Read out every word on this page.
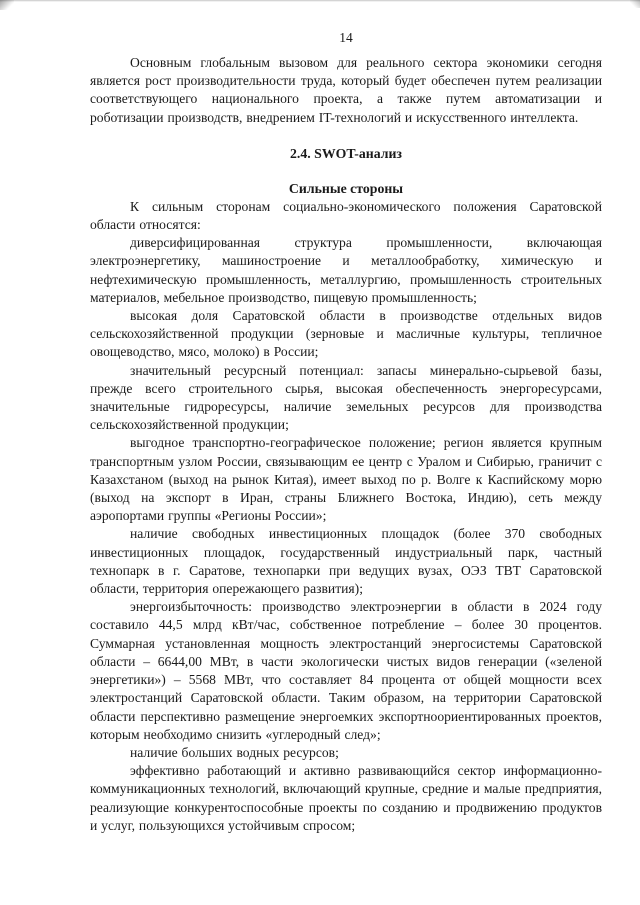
14

Основным глобальным вызовом для реального сектора экономики сегодня является рост производительности труда, который будет обеспечен путем реализации соответствующего национального проекта, а также путем автоматизации и роботизации производств, внедрением IT-технологий и искусственного интеллекта.

2.4. SWOT-анализ
Сильные стороны

К сильным сторонам социально-экономического положения Саратовской области относятся:

диверсифицированная структура промышленности, включающая электроэнергетику, машиностроение и металлообработку, химическую и нефтехимическую промышленность, металлургию, промышленность строительных материалов, мебельное производство, пищевую промышленность;

высокая доля Саратовской области в производстве отдельных видов сельскохозяйственной продукции (зерновые и масличные культуры, тепличное овощеводство, мясо, молоко) в России;

значительный ресурсный потенциал: запасы минерально-сырьевой базы, прежде всего строительного сырья, высокая обеспеченность энергоресурсами, значительные гидроресурсы, наличие земельных ресурсов для производства сельскохозяйственной продукции;

выгодное транспортно-географическое положение; регион является крупным транспортным узлом России, связывающим ее центр с Уралом и Сибирью, граничит с Казахстаном (выход на рынок Китая), имеет выход по р. Волге к Каспийскому морю (выход на экспорт в Иран, страны Ближнего Востока, Индию), сеть между аэропортами группы «Регионы России»;

наличие свободных инвестиционных площадок (более 370 свободных инвестиционных площадок, государственный индустриальный парк, частный технопарк в г. Саратове, технопарки при ведущих вузах, ОЭЗ ТВТ Саратовской области, территория опережающего развития);

энергоизбыточность: производство электроэнергии в области в 2024 году составило 44,5 млрд кВт/час, собственное потребление – более 30 процентов. Суммарная установленная мощность электростанций энергосистемы Саратовской области – 6644,00 МВт, в части экологически чистых видов генерации («зеленой энергетики») – 5568 МВт, что составляет 84 процента от общей мощности всех электростанций Саратовской области. Таким образом, на территории Саратовской области перспективно размещение энергоемких экспортноориентированных проектов, которым необходимо снизить «углеродный след»;

наличие больших водных ресурсов;

эффективно работающий и активно развивающийся сектор информационно-коммуникационных технологий, включающий крупные, средние и малые предприятия, реализующие конкурентоспособные проекты по созданию и продвижению продуктов и услуг, пользующихся устойчивым спросом;
